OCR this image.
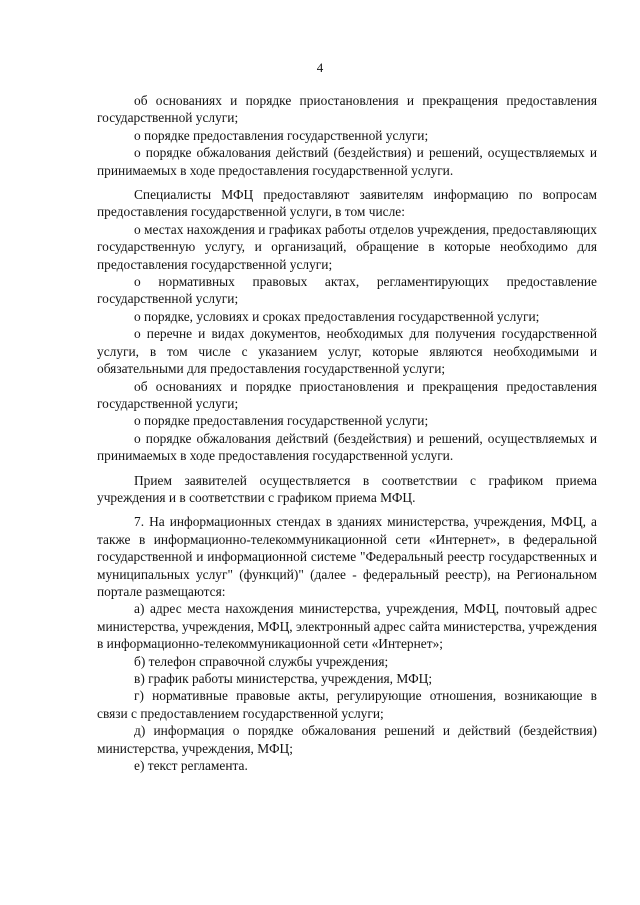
4

об основаниях и порядке приостановления и прекращения предоставления государственной услуги;

о порядке предоставления государственной услуги;

о порядке обжалования действий (бездействия) и решений, осуществляемых и принимаемых в ходе предоставления государственной услуги.

Специалисты МФЦ предоставляют заявителям информацию по вопросам предоставления государственной услуги, в том числе:

о местах нахождения и графиках работы отделов учреждения, предоставляющих государственную услугу, и организаций, обращение в которые необходимо для предоставления государственной услуги;

о нормативных правовых актах, регламентирующих предоставление государственной услуги;

о порядке, условиях и сроках предоставления государственной услуги;

о перечне и видах документов, необходимых для получения государственной услуги, в том числе с указанием услуг, которые являются необходимыми и обязательными для предоставления государственной услуги;

об основаниях и порядке приостановления и прекращения предоставления государственной услуги;

о порядке предоставления государственной услуги;

о порядке обжалования действий (бездействия) и решений, осуществляемых и принимаемых в ходе предоставления государственной услуги.

Прием заявителей осуществляется в соответствии с графиком приема учреждения и в соответствии с графиком приема МФЦ.

7. На информационных стендах в зданиях министерства, учреждения, МФЦ, а также в информационно-телекоммуникационной сети «Интернет», в федеральной государственной и информационной системе "Федеральный реестр государственных и муниципальных услуг" (функций)" (далее - федеральный реестр), на Региональном портале размещаются:

а) адрес места нахождения министерства, учреждения, МФЦ, почтовый адрес министерства, учреждения, МФЦ, электронный адрес сайта министерства, учреждения в информационно-телекоммуникационной сети «Интернет»;

б) телефон справочной службы учреждения;

в) график работы министерства, учреждения, МФЦ;

г) нормативные правовые акты, регулирующие отношения, возникающие в связи с предоставлением государственной услуги;

д) информация о порядке обжалования решений и действий (бездействия) министерства, учреждения, МФЦ;

е) текст регламента.
